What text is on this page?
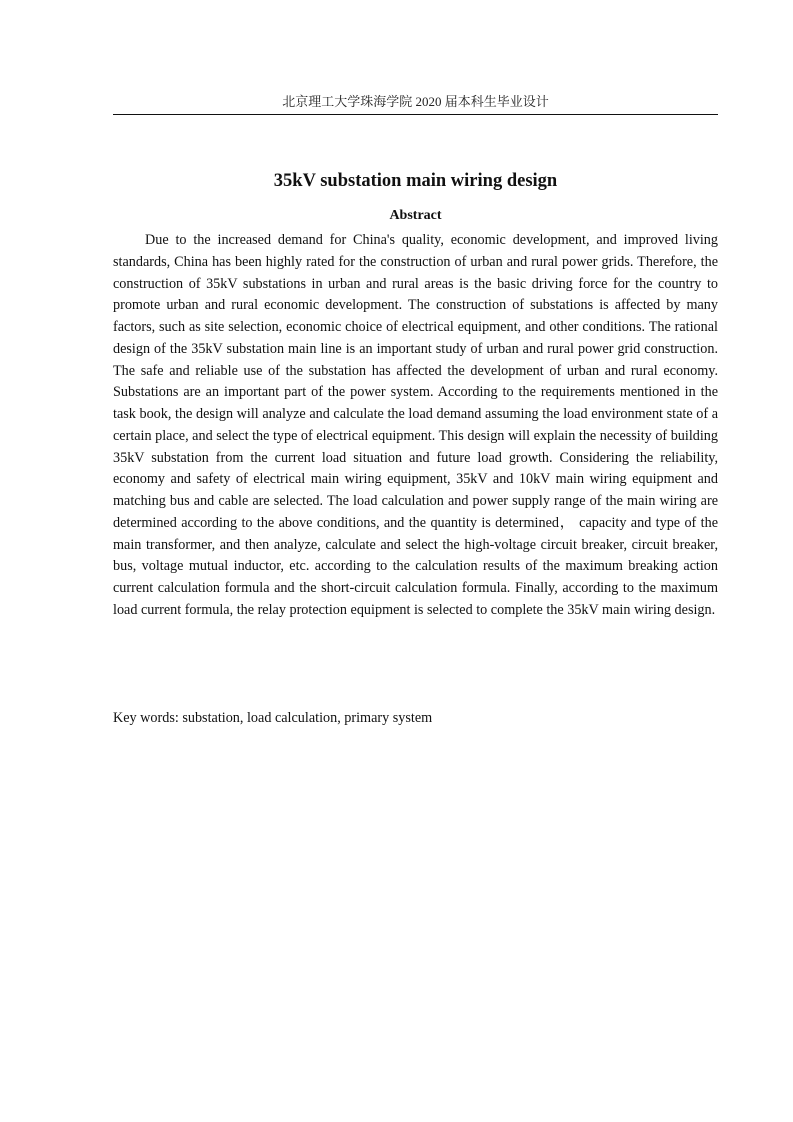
北京理工大学珠海学院 2020 届本科生毕业设计
35kV substation main wiring design
Abstract

Due to the increased demand for China's quality, economic development, and improved living standards, China has been highly rated for the construction of urban and rural power grids. Therefore, the construction of 35kV substations in urban and rural areas is the basic driving force for the country to promote urban and rural economic development. The construction of substations is affected by many factors, such as site selection, economic choice of electrical equipment, and other conditions. The rational design of the 35kV substation main line is an important study of urban and rural power grid construction. The safe and reliable use of the substation has affected the development of urban and rural economy. Substations are an important part of the power system. According to the requirements mentioned in the task book, the design will analyze and calculate the load demand assuming the load environment state of a certain place, and select the type of electrical equipment. This design will explain the necessity of building 35kV substation from the current load situation and future load growth. Considering the reliability, economy and safety of electrical main wiring equipment, 35kV and 10kV main wiring equipment and matching bus and cable are selected. The load calculation and power supply range of the main wiring are determined according to the above conditions, and the quantity is determined， capacity and type of the main transformer, and then analyze, calculate and select the high-voltage circuit breaker, circuit breaker, bus, voltage mutual inductor, etc. according to the calculation results of the maximum breaking action current calculation formula and the short-circuit calculation formula. Finally, according to the maximum load current formula, the relay protection equipment is selected to complete the 35kV main wiring design.

Key words: substation, load calculation, primary system
